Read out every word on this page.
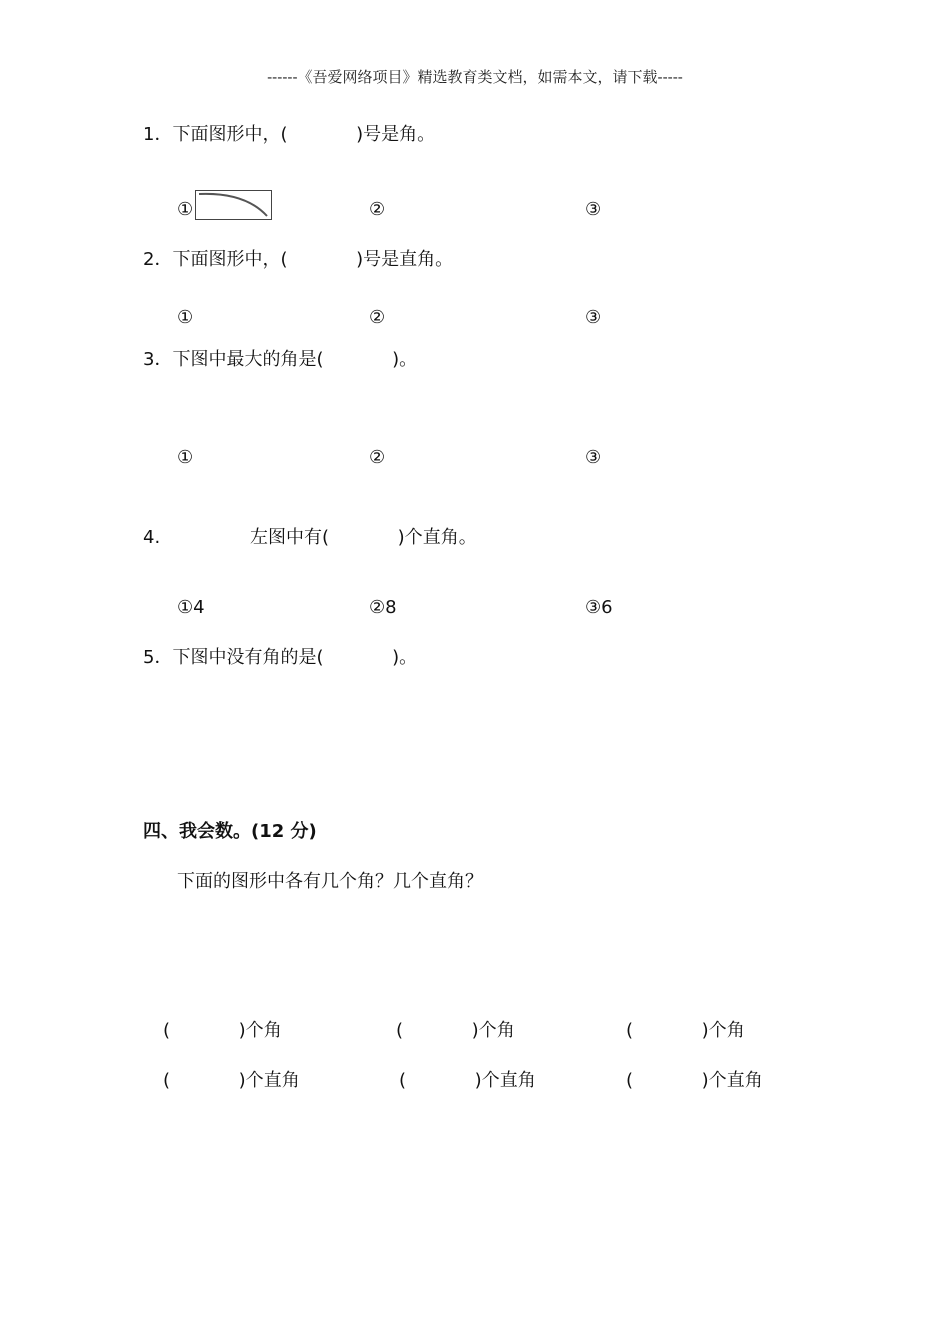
------《吾爱网络项目》精选教育类文档，如需本文，请下载-----
1．下面图形中，(            )号是角。
①	②	③
2．下面图形中，(            )号是直角。
①	②	③
3．下图中最大的角是(            )。
①	②	③
4.	左图中有(            )个直角。
①4	②8	③6
5．下图中没有角的是(            )。
四、我会数。(12 分)
下面的图形中各有几个角？几个直角？
(            )个角	(            )个角	(            )个角
(            )个直角	(            )个直角	(            )个直角
